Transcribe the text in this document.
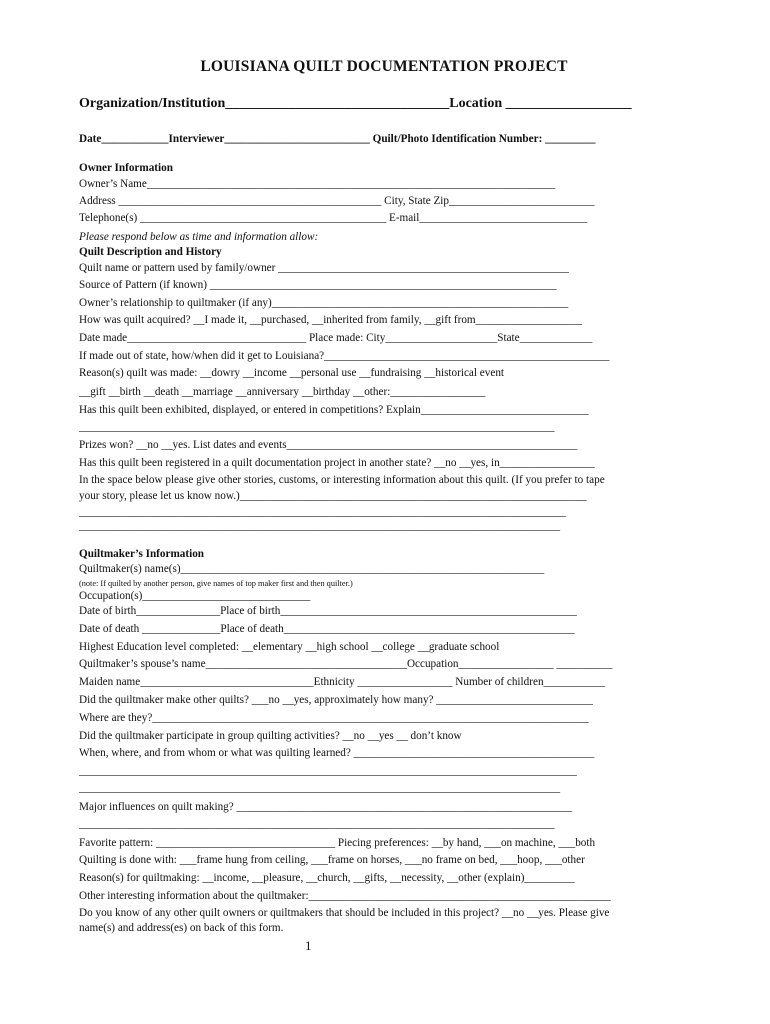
LOUISIANA QUILT DOCUMENTATION PROJECT
Organization/Institution________________________________Location __________________
Date____________Interviewer__________________________ Quilt/Photo Identification Number: _________
Owner Information
Owner’s Name_________________________________________________________________________
Address _______________________________________________ City, State Zip__________________________
Telephone(s) ____________________________________________ E-mail______________________________
Please respond below as time and information allow:
Quilt Description and History
Quilt name or pattern used by family/owner ____________________________________________________
Source of Pattern (if known) ______________________________________________________________
Owner’s relationship to quiltmaker (if any)_____________________________________________________
How was quilt acquired? __I made it, __purchased, __inherited from family, __gift from___________________
Date made________________________________ Place made: City____________________State_____________
If made out of state, how/when did it get to Louisiana?___________________________________________________
Reason(s) quilt was made: __dowry __income __personal use __fundraising __historical event
__gift __birth __death __marriage __anniversary __birthday __other:_________________
Has this quilt been exhibited, displayed, or entered in competitions? Explain______________________________
_____________________________________________________________________________________
Prizes won? __no __yes. List dates and events____________________________________________________
Has this quilt been registered in a quilt documentation project in another state? __no __yes, in_________________
In the space below please give other stories, customs, or interesting information about this quilt. (If you prefer to tape
your story, please let us know now.)______________________________________________________________
_______________________________________________________________________________________
______________________________________________________________________________________
Quiltmaker’s Information
Quiltmaker(s) name(s)_________________________________________________________________
(note: If quilted by another person, give names of top maker first and then quilter.)
Occupation(s)______________________________
Date of birth_______________Place of birth_____________________________________________________
Date of death ______________Place of death____________________________________________________
Highest Education level completed: __elementary __high school __college __graduate school
Quiltmaker’s spouse’s name____________________________________Occupation_________________ __________
Maiden name_______________________________Ethnicity _________________ Number of children___________
Did the quiltmaker make other quilts? ___no __yes, approximately how many? ____________________________
Where are they?______________________________________________________________________________
Did the quiltmaker participate in group quilting activities? __no __yes __ don’t know
When, where, and from whom or what was quilting learned? ___________________________________________
_________________________________________________________________________________________
______________________________________________________________________________________
Major influences on quilt making? ____________________________________________________________
_____________________________________________________________________________________
Favorite pattern: ________________________________ Piecing preferences: __by hand, ___on machine, ___both
Quilting is done with: ___frame hung from ceiling, ___frame on horses, ___no frame on bed, ___hoop, ___other
Reason(s) for quiltmaking: __income, __pleasure, __church, __gifts, __necessity, __other (explain)_________
Other interesting information about the quiltmaker:______________________________________________________
Do you know of any other quilt owners or quiltmakers that should be included in this project? __no __yes. Please give
name(s) and address(es) on back of this form.
1
